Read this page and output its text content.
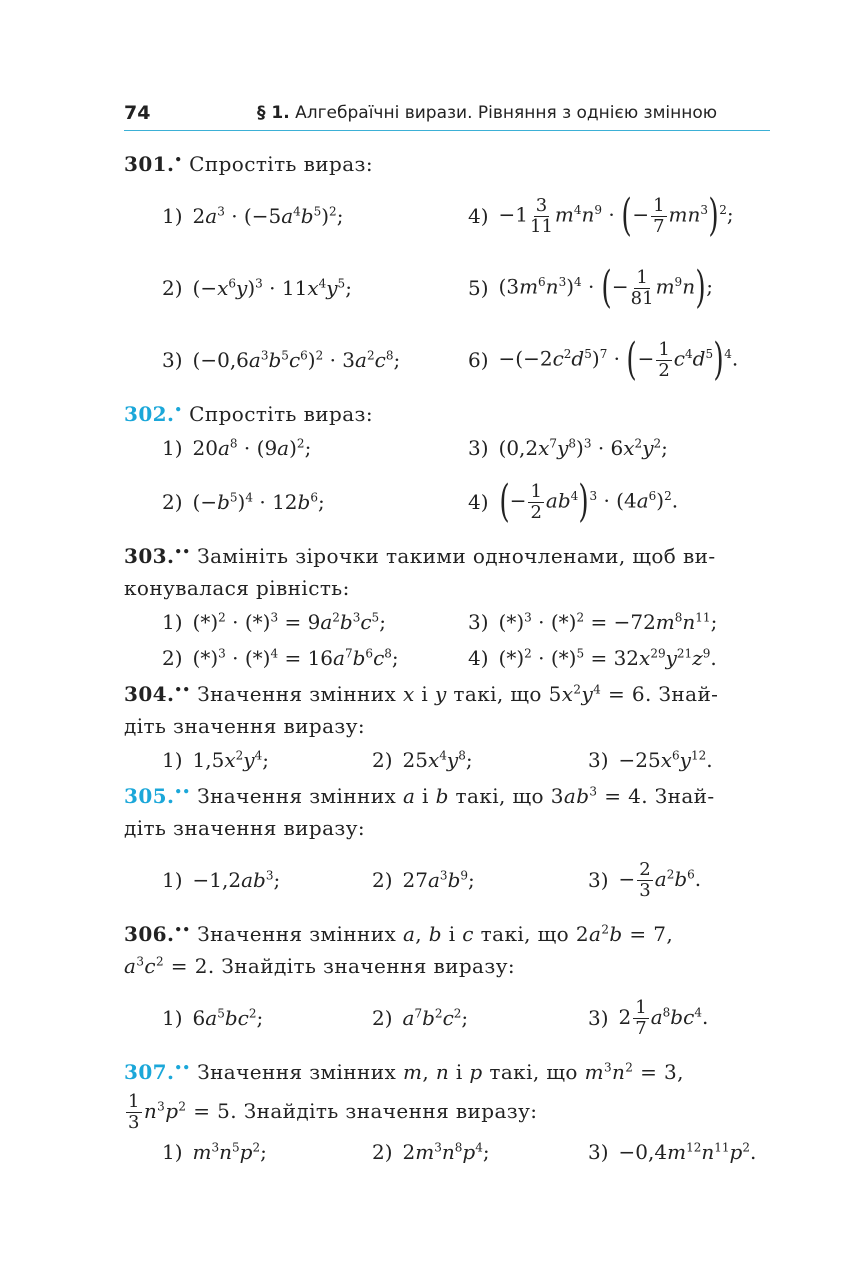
74	§ 1. Алгебраїчні вирази. Рівняння з однією змінною
301.• Спростіть вираз:
1) $2a^3 \cdot (-5a^4b^5)^2$;	$4) -1 \frac{3}{11} m^4n^9$ · (− $\frac{1}{7} mn^3)^2$;
2) $(-x^6y)^3 \cdot 11x^4y^5$;	5) $(3m^6n^3)^4$ · (− $\frac{1}{81} m^9n$);
3) $(-0,6a^3b^5c^6)^2 \cdot 3a^2c^8$;	$6) -(-2c^2d^5)^7$ · (− $\frac{1}{2} c^4d^5)^4$.
302.• Спростіть вираз:
1) $20a^8 \cdot (9a)^2$;	3) $(0,2x^7y^8)^3 \cdot 6x^2y^2$;
2) $(-b^5)^4 \cdot 12b^6$;	4) (− $\frac{1}{2} ab^4)^3 \cdot (4a^6)^2$.
303.•• Замініть зірочки такими одночленами, щоб ви-
конувалася рівність:
1) $(*)^2 \cdot (*)^3 = 9a^2b^3c^5$;	3) $(*)^3 \cdot (*)^2 = -72m^8n^{11}$;
2) $(*)^3 \cdot (*)^4 = 16a^7b^6c^8$;	4) $(*)^2 \cdot (*)^5 = 32x^{29}y^{21}z^9$.
304.•• Значення змінних x і y такі, що $5x^2y^4 = 6$. Знай-
діть значення виразу:
1) $1,5x^2y^4$;	2) $25x^4y^8$;	$3) -25x^6y^{12}$.
305.•• Значення змінних a і b такі, що $3ab^3 = 4$. Знай-
діть значення виразу:
$1) -1,2ab^3$;	2) $27a^3b^9$;	$3) - \frac{2}{3} a^2b^6$.
306.•• Значення змінних a, b і c такі, що $2a^2b = 7$,
$a^3c^2 = 2$. Знайдіть значення виразу:
1) $6a^5bc^2$;	2) $a^7b^2c^2$;	3) $2 \frac{1}{7} a^8bc^4$.
307.•• Значення змінних m, n і p такі, що $m^3n^2 = 3$,
$\frac{1}{3} n^3p^2 = 5$. Знайдіть значення виразу:
1) $m^3n^5p^2$;	2) $2m^3n^8p^4$;	$3) -0,4m^{12}n^{11}p^2$.
